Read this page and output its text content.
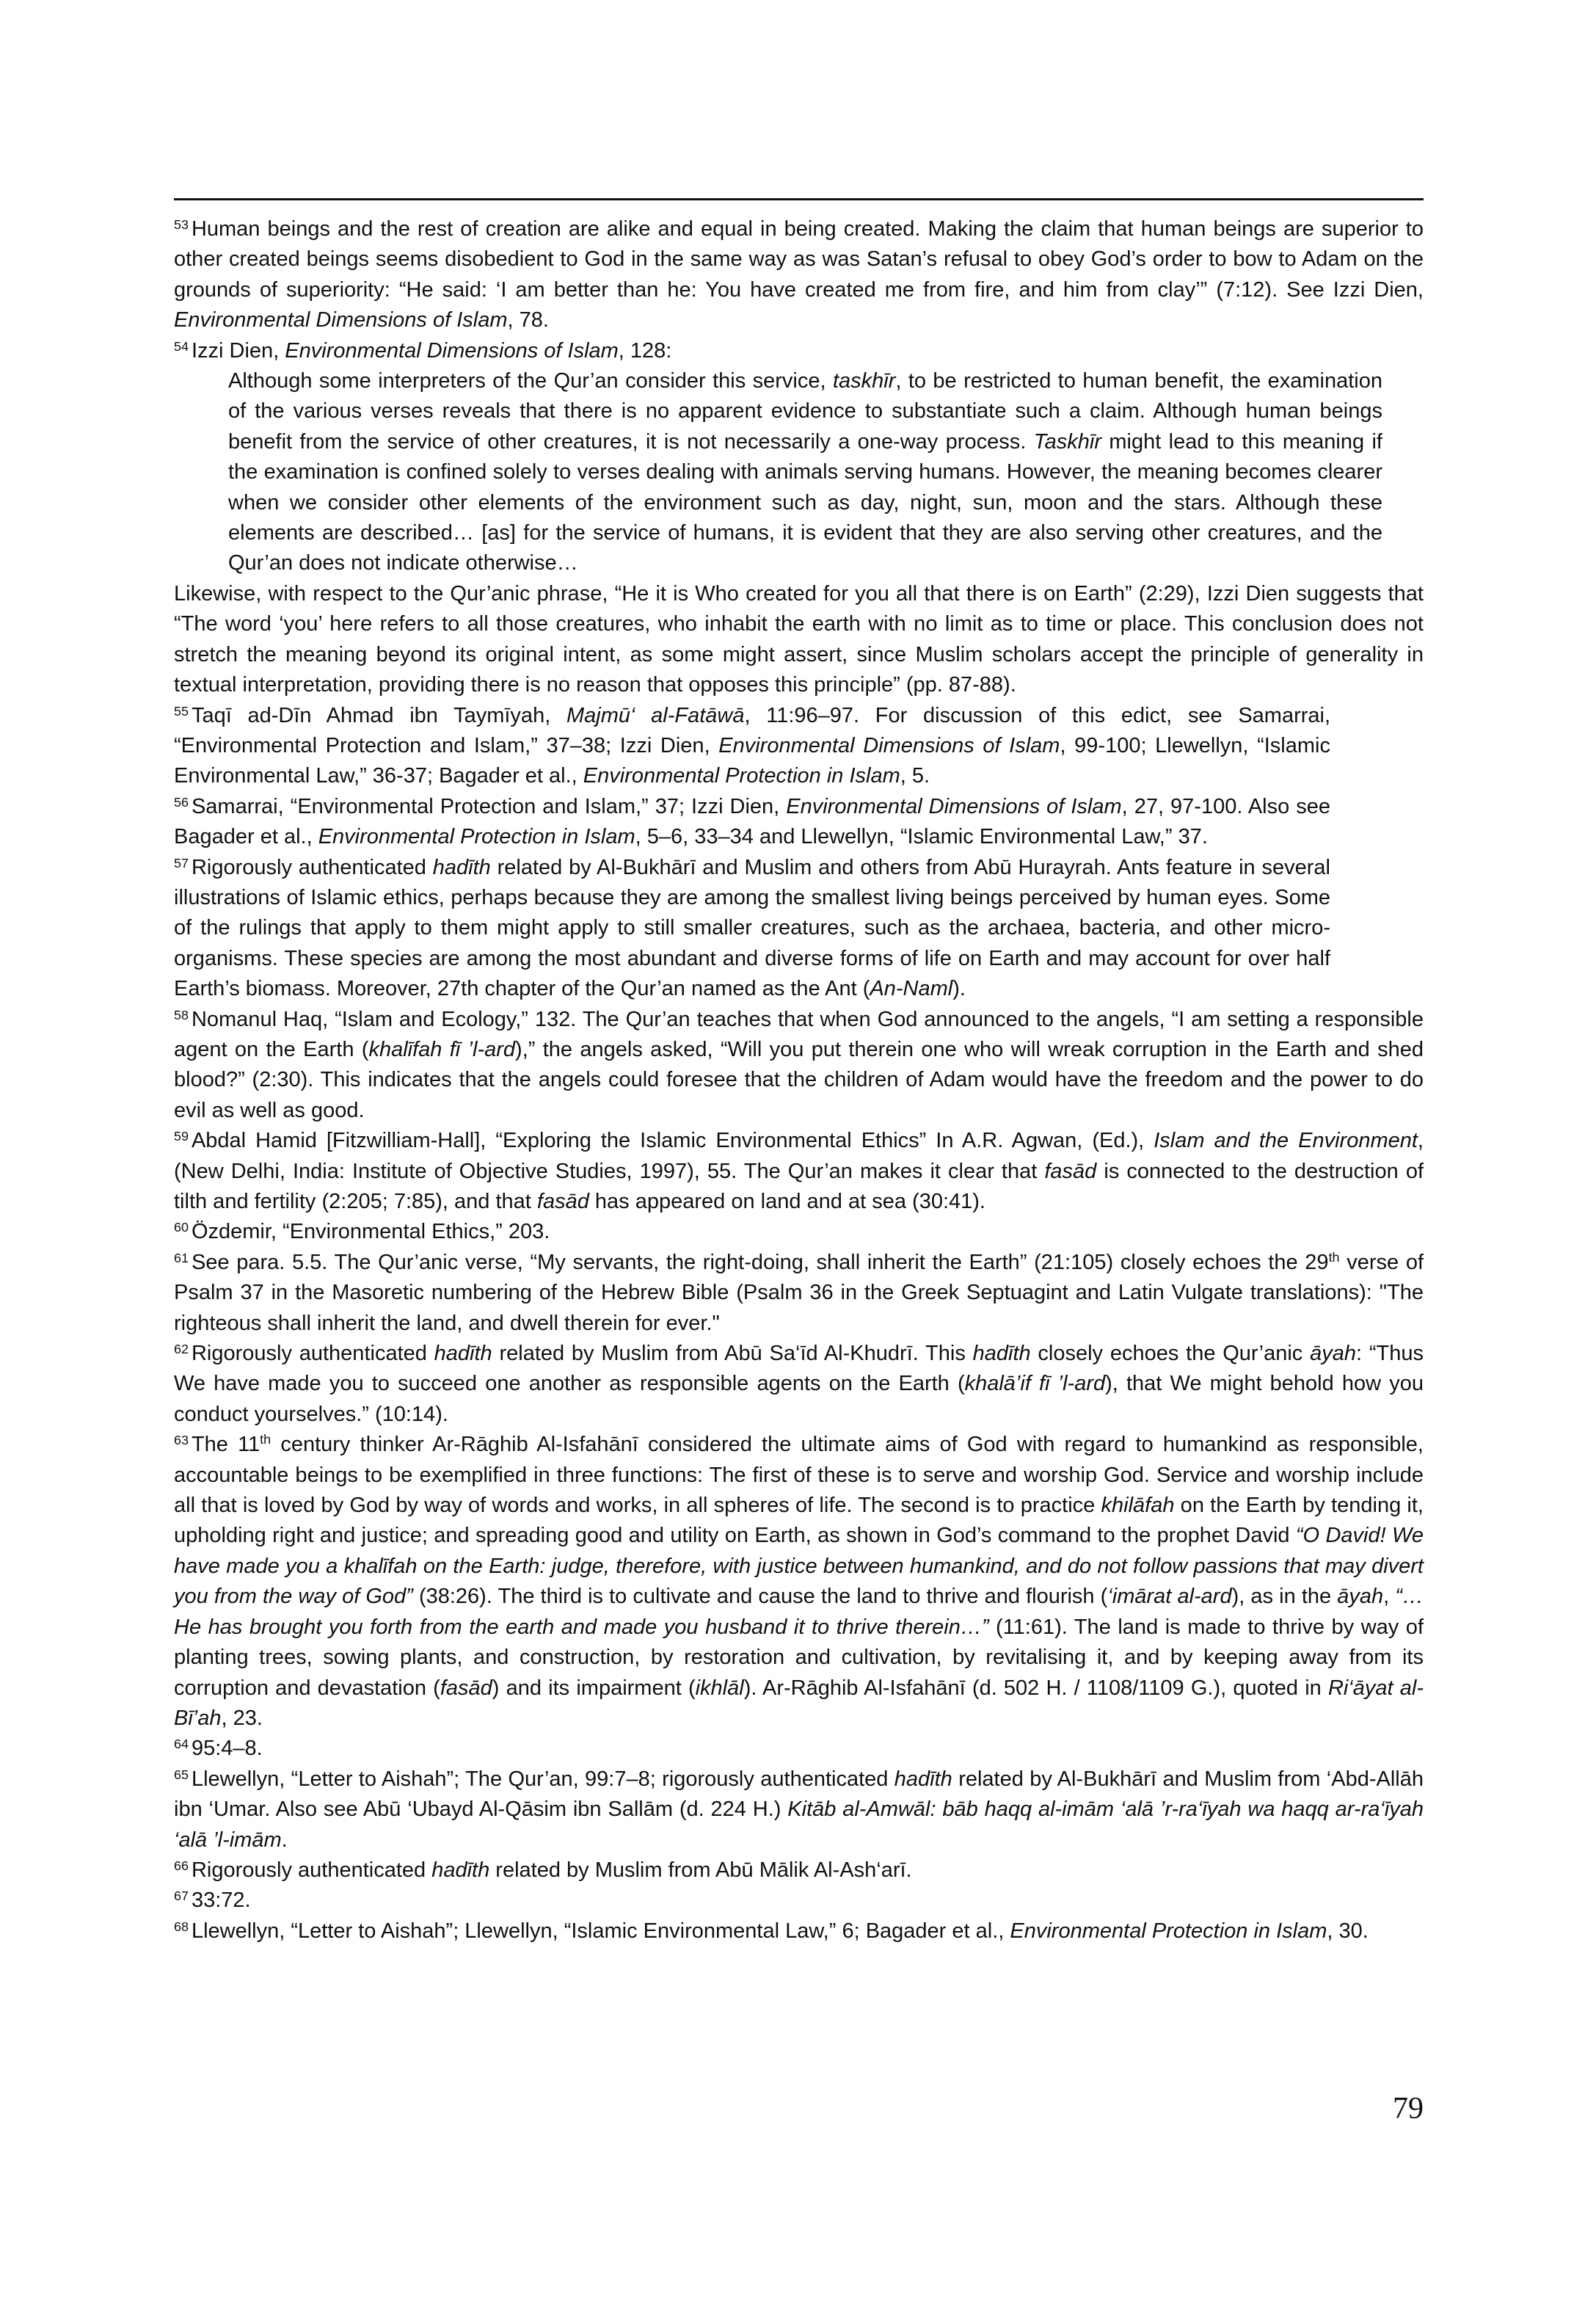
$^{53}$ Human beings and the rest of creation are alike and equal in being created. Making the claim that human beings are superior to other created beings seems disobedient to God in the same way as was Satan’s refusal to obey God’s order to bow to Adam on the grounds of superiority: “He said: ‘I am better than he: You have created me from fire, and him from clay’” (7:12). See Izzi Dien, Environmental Dimensions of Islam, 78.
$^{54}$ Izzi Dien, Environmental Dimensions of Islam, 128:
Although some interpreters of the Qur’an consider this service, taskhīr, to be restricted to human benefit, the examination of the various verses reveals that there is no apparent evidence to substantiate such a claim. Although human beings benefit from the service of other creatures, it is not necessarily a one-way process. Taskhīr might lead to this meaning if the examination is confined solely to verses dealing with animals serving humans. However, the meaning becomes clearer when we consider other elements of the environment such as day, night, sun, moon and the stars. Although these elements are described… [as] for the service of humans, it is evident that they are also serving other creatures, and the Qur’an does not indicate otherwise…
Likewise, with respect to the Qur’anic phrase, “He it is Who created for you all that there is on Earth” (2:29), Izzi Dien suggests that “The word ‘you’ here refers to all those creatures, who inhabit the earth with no limit as to time or place. This conclusion does not stretch the meaning beyond its original intent, as some might assert, since Muslim scholars accept the principle of generality in textual interpretation, providing there is no reason that opposes this principle” (pp. 87-88).
$^{55}$ Taqī ad-Dīn Ahmad ibn Taymīyah, Majmū‘ al-Fatāwā, 11:96–97. For discussion of this edict, see Samarrai, “Environmental Protection and Islam,” 37–38; Izzi Dien, Environmental Dimensions of Islam, 99-100; Llewellyn, “Islamic Environmental Law,” 36-37; Bagader et al., Environmental Protection in Islam, 5.
$^{56}$ Samarrai, “Environmental Protection and Islam,” 37; Izzi Dien, Environmental Dimensions of Islam, 27, 97-100. Also see Bagader et al., Environmental Protection in Islam, 5–6, 33–34 and Llewellyn, “Islamic Environmental Law,” 37.
$^{57}$ Rigorously authenticated hadīth related by Al-Bukhārī and Muslim and others from Abū Hurayrah. Ants feature in several illustrations of Islamic ethics, perhaps because they are among the smallest living beings perceived by human eyes. Some of the rulings that apply to them might apply to still smaller creatures, such as the archaea, bacteria, and other micro-organisms. These species are among the most abundant and diverse forms of life on Earth and may account for over half Earth’s biomass. Moreover, 27th chapter of the Qur’an named as the Ant (An-Naml).
$^{58}$ Nomanul Haq, “Islam and Ecology,” 132. The Qur’an teaches that when God announced to the angels, “I am setting a responsible agent on the Earth (khalīfah fī ’l-ard),” the angels asked, “Will you put therein one who will wreak corruption in the Earth and shed blood?” (2:30). This indicates that the angels could foresee that the children of Adam would have the freedom and the power to do evil as well as good.
$^{59}$ Abdal Hamid [Fitzwilliam-Hall], “Exploring the Islamic Environmental Ethics” In A.R. Agwan, (Ed.), Islam and the Environment, (New Delhi, India: Institute of Objective Studies, 1997), 55. The Qur’an makes it clear that fasād is connected to the destruction of tilth and fertility (2:205; 7:85), and that fasād has appeared on land and at sea (30:41).
$^{60}$ Özdemir, “Environmental Ethics,” 203.
$^{61}$ See para. 5.5. The Qur’anic verse, “My servants, the right-doing, shall inherit the Earth” (21:105) closely echoes the 29th verse of Psalm 37 in the Masoretic numbering of the Hebrew Bible (Psalm 36 in the Greek Septuagint and Latin Vulgate translations): "The righteous shall inherit the land, and dwell therein for ever."
$^{62}$ Rigorously authenticated hadīth related by Muslim from Abū Sa‘īd Al-Khudrī. This hadīth closely echoes the Qur’anic āyah: “Thus We have made you to succeed one another as responsible agents on the Earth (khalā’if fī ’l-ard), that We might behold how you conduct yourselves.” (10:14).
$^{63}$ The 11th century thinker Ar-Rāghib Al-Isfahānī considered the ultimate aims of God with regard to humankind as responsible, accountable beings to be exemplified in three functions: The first of these is to serve and worship God. Service and worship include all that is loved by God by way of words and works, in all spheres of life. The second is to practice khilāfah on the Earth by tending it, upholding right and justice; and spreading good and utility on Earth, as shown in God’s command to the prophet David “O David! We have made you a khalīfah on the Earth: judge, therefore, with justice between humankind, and do not follow passions that may divert you from the way of God” (38:26). The third is to cultivate and cause the land to thrive and flourish (‘imārat al-ard), as in the āyah, “…He has brought you forth from the earth and made you husband it to thrive therein…” (11:61). The land is made to thrive by way of planting trees, sowing plants, and construction, by restoration and cultivation, by revitalising it, and by keeping away from its corruption and devastation (fasād) and its impairment (ikhlāl). Ar-Rāghib Al-Isfahānī (d. 502 H. / 1108/1109 G.), quoted in Ri‘āyat al-Bī’ah, 23.
$^{64}$ 95:4–8.
$^{65}$ Llewellyn, “Letter to Aishah”; The Qur’an, 99:7–8; rigorously authenticated hadīth related by Al-Bukhārī and Muslim from ‘Abd-Allāh ibn ‘Umar. Also see Abū ‘Ubayd Al-Qāsim ibn Sallām (d. 224 H.) Kitāb al-Amwāl: bāb haqq al-imām ‘alā ’r-ra‘īyah wa haqq ar-ra‘īyah ‘alā ’l-imām.
$^{66}$ Rigorously authenticated hadīth related by Muslim from Abū Mālik Al-Ash‘arī.
$^{67}$ 33:72.
$^{68}$ Llewellyn, “Letter to Aishah”; Llewellyn, “Islamic Environmental Law,” 6; Bagader et al., Environmental Protection in Islam, 30.
79
